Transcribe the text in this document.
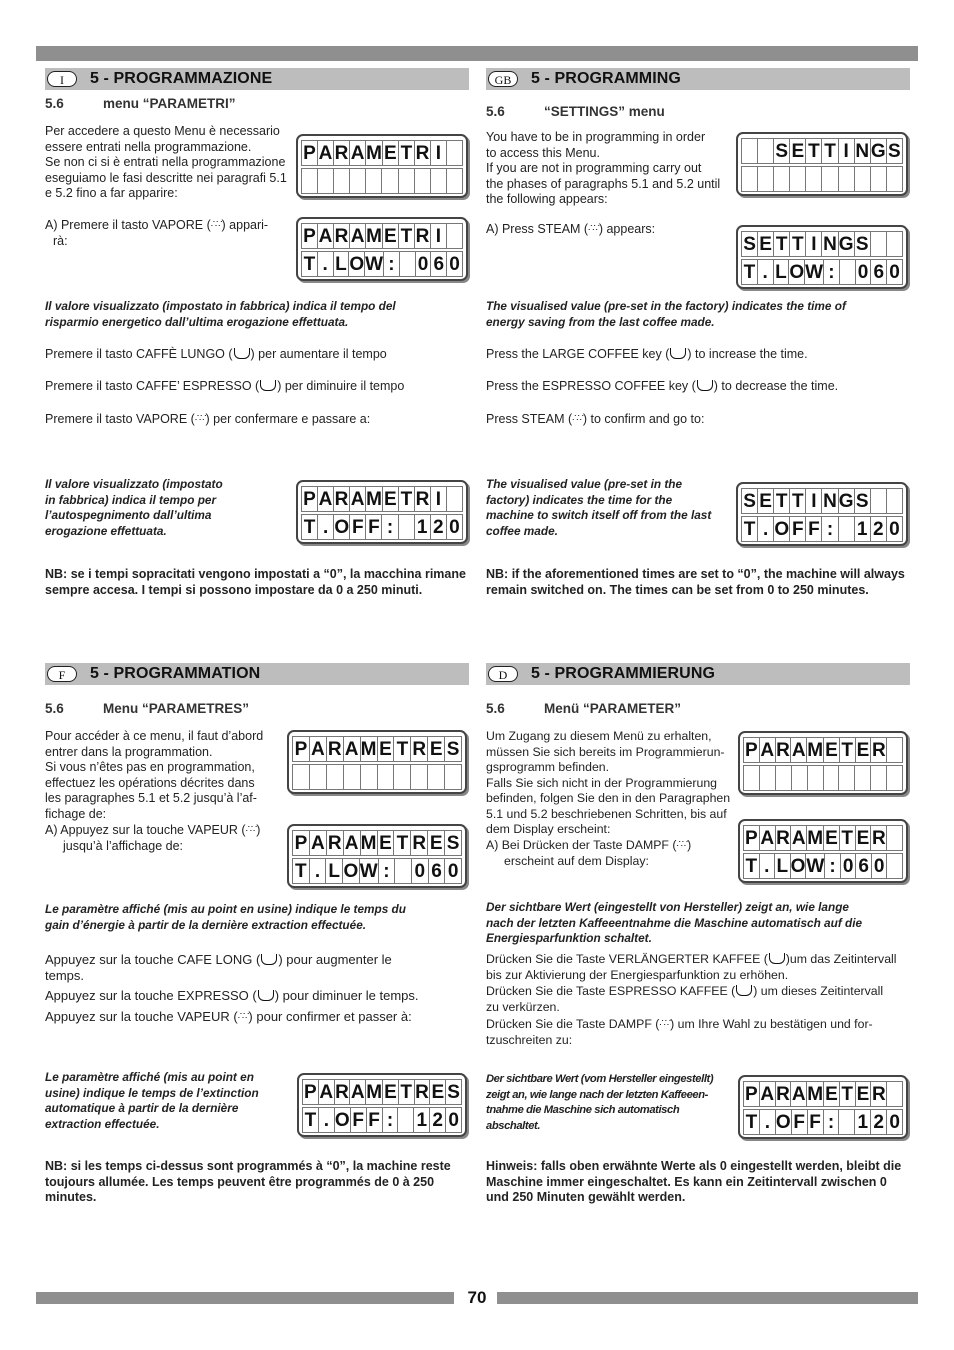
I	5 - PROGRAMMAZIONE
5.6	menu “PARAMETRI”
Per accedere a questo Menu è necessario
essere entrati nella programmazione.
Se non ci si è entrati nella programmazione
eseguiamo le fasi descritte nei paragrafi 5.1
e 5.2 fino a far apparire:
A) Premere il tasto VAPORE (∴∵) appari-
rà:
P A R A M E T R I

P A R A M E T R I

T . L O W :
0 6 0
Il valore visualizzato (impostato in fabbrica) indica il tempo del
risparmio energetico dall’ultima erogazione effettuata.
Premere il tasto CAFFÈ LUNGO ( ) per aumentare il tempo
Premere il tasto CAFFE’ ESPRESSO ( ) per diminuire il tempo
Premere il tasto VAPORE (∴∵) per confermare e passare a:
Il valore visualizzato (impostato
in fabbrica) indica il tempo per
l’autospegnimento dall’ultima
erogazione effettuata.
P A R A M E T R I

T . O F F :
1 2 0
NB: se i tempi sopracitati vengono impostati a “0”, la macchina rimane
sempre accesa. I tempi si possono impostare da 0 a 250 minuti.
GB	5 - PROGRAMMING
5.6	“SETTINGS” menu
You have to be in programming in order
to access this Menu.
If you are not in programming carry out
the phases of paragraphs 5.1 and 5.2 until
the following appears:
A) Press STEAM (∴∵) appears:

S E T T I N G S

S E T T I N G S

T . L O W :
0 6 0
The visualised value (pre-set in the factory) indicates the time of
energy saving from the last coffee made.
Press the LARGE COFFEE key ( ) to increase the time.
Press the ESPRESSO COFFEE key ( ) to decrease the time.
Press STEAM (∴∵) to confirm and go to:
The visualised value (pre-set in the
factory) indicates the time for the
machine to switch itself off from the last
coffee made.
S E T T I N G S

T . O F F :
1 2 0
NB: if the aforementioned times are set to “0”, the machine will always
remain switched on. The times can be set from 0 to 250 minutes.
F	5 - PROGRAMMATION
5.6	Menu “PARAMETRES”
Pour accéder à ce menu, il faut d’abord
entrer dans la programmation.
Si vous n’êtes pas en programmation,
effectuez les opérations décrites dans
les paragraphes 5.1 et 5.2 jusqu’à l’af-
fichage de:
A) Appuyez sur la touche VAPEUR (∴∵)
jusqu’à l’affichage de:
P A R A M E T R E S

P A R A M E T R E S
T . L O W :
0 6 0
Le paramètre affiché (mis au point en usine) indique le temps du
gain d’énergie à partir de la dernière extraction effectuée.
Appuyez sur la touche CAFE LONG ( ) pour augmenter le
temps.
Appuyez sur la touche EXPRESSO ( ) pour diminuer le temps.
Appuyez sur la touche VAPEUR (∴∵) pour confirmer et passer à:
Le paramètre affiché (mis au point en
usine) indique le temps de l’extinction
automatique à partir de la dernière
extraction effectuée.
P A R A M E T R E S
T . O F F :
1 2 0
NB: si les temps ci-dessus sont programmés à “0”, la machine reste
toujours allumée. Les temps peuvent être programmés de 0 à 250
minutes.
D	5 - PROGRAMMIERUNG
5.6	Menü “PARAMETER”
Um Zugang zu diesem Menü zu erhalten,
müssen Sie sich bereits im Programmierun-
gsprogramm befinden.
Falls Sie sich nicht in der Programmierung
befinden, folgen Sie den in den Paragraphen
5.1 und 5.2 beschriebenen Schritten, bis auf
dem Display erscheint:
A) Bei Drücken der Taste DAMPF (∴∵)
erscheint auf dem Display:
P A R A M E T E R

P A R A M E T E R

T . L O W : 0 6 0

Der sichtbare Wert (eingestellt von Hersteller) zeigt an, wie lange
nach der letzten Kaffeeentnahme die Maschine automatisch auf die
Energiesparfunktion schaltet.
Drücken Sie die Taste VERLÄNGERTER KAFFEE ( )um das Zeitintervall
bis zur Aktivierung der Energiesparfunktion zu erhöhen.
Drücken Sie die Taste ESPRESSO KAFFEE ( ) um dieses Zeitintervall
zu verkürzen.
Drücken Sie die Taste DAMPF (∴∵) um Ihre Wahl zu bestätigen und for-
tzuschreiten zu:
Der sichtbare Wert (vom Hersteller eingestellt)
zeigt an, wie lange nach der letzten Kaffeeen-
tnahme die Maschine sich automatisch
abschaltet.
P A R A M E T E R

T . O F F :
1 2 0
Hinweis: falls oben erwähnte Werte als 0 eingestellt werden, bleibt die
Maschine immer eingeschaltet. Es kann ein Zeitintervall zwischen 0
und 250 Minuten gewählt werden.
70
